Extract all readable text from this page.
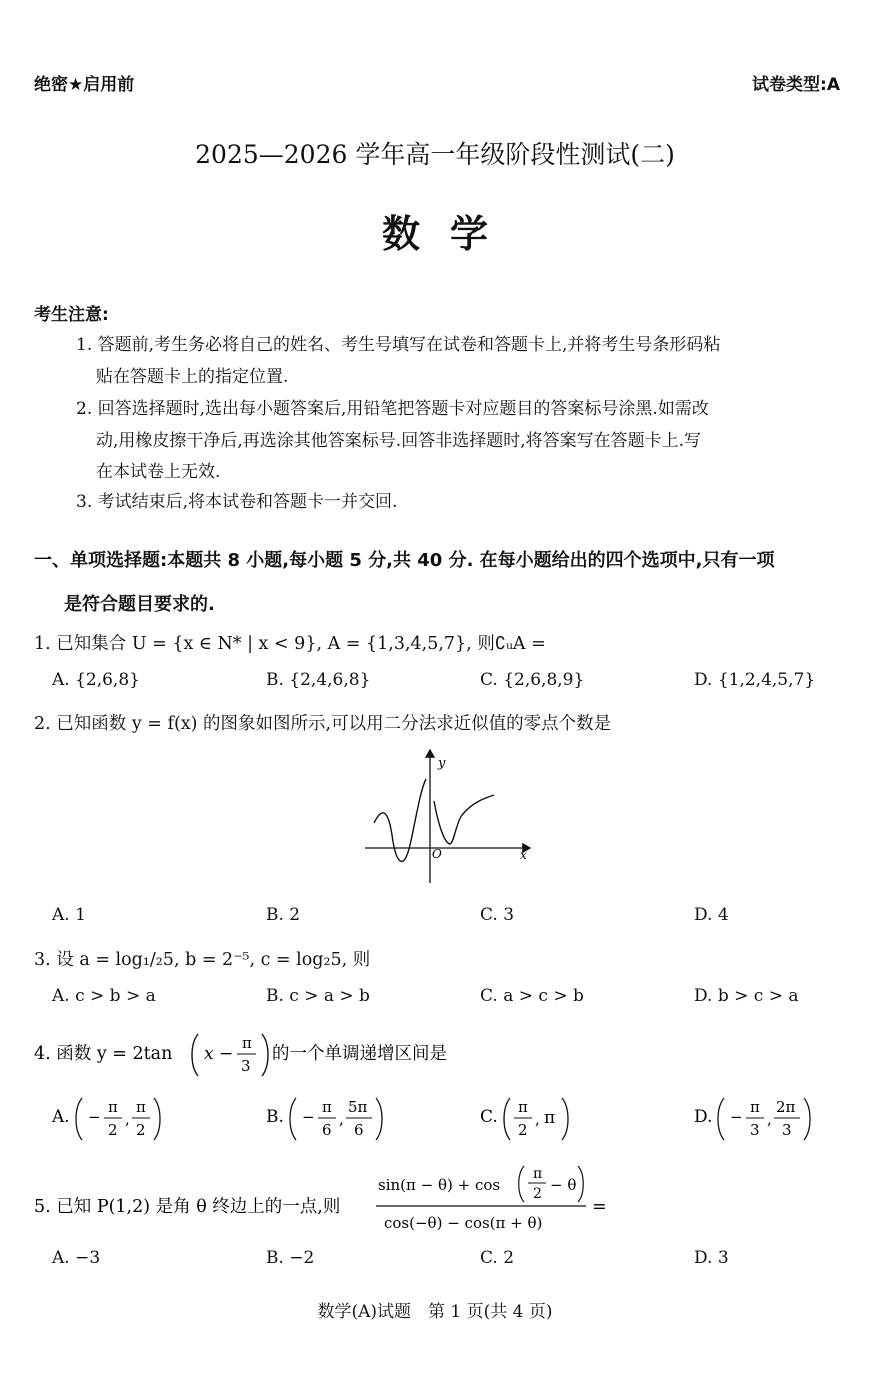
绝密★启用前	试卷类型:A
2025—2026 学年高一年级阶段性测试(二)
数学
考生注意:
1. 答题前,考生务必将自己的姓名、考生号填写在试卷和答题卡上,并将考生号条形码粘
贴在答题卡上的指定位置.
2. 回答选择题时,选出每小题答案后,用铅笔把答题卡对应题目的答案标号涂黑.如需改
动,用橡皮擦干净后,再选涂其他答案标号.回答非选择题时,将答案写在答题卡上.写
在本试卷上无效.
3. 考试结束后,将本试卷和答题卡一并交回.
一、单项选择题:本题共 8 小题,每小题 5 分,共 40 分. 在每小题给出的四个选项中,只有一项
是符合题目要求的.
1. 已知集合 U = {x ∈ N* | x < 9}, A = {1,3,4,5,7}, 则∁ᵤA =
A. {2,6,8}	B. {2,4,6,8}	C. {2,6,8,9}	D. {1,2,4,5,7}
2. 已知函数 y = f(x) 的图象如图所示,可以用二分法求近似值的零点个数是
y
x
O
A. 1	B. 2	C. 3	D. 4
3. 设 a = log₁/₂5, b = 2⁻⁵, c = log₂5, 则
A. c > b > a	B. c > a > b	C. a > c > b	D. b > c > a
4. 函数 y = 2tan x −
π
3
的一个单调递增区间是
A. −
π
2
,
π
2
B. −
π
6
,
5π
6
C. π
2
, π	D. −
π
3
,
2π
3
5. 已知 P(1,2) 是角 θ 终边上的一点,则
sin(π − θ) + cos
π
2 − θ
cos(−θ) − cos(π + θ)
=
A. −3	B. −2	C. 2	D. 3
数学(A)试题　第 1 页(共 4 页)
